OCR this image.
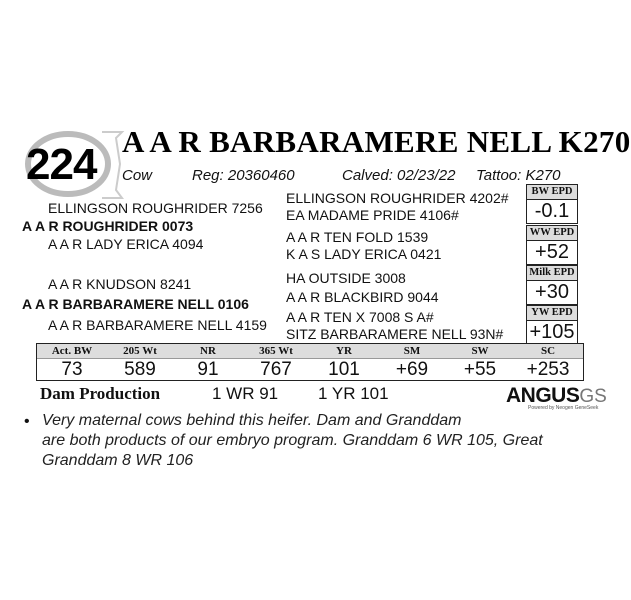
224 A A R BARBARAMERE NELL K270
Cow	Reg: 20360460	Calved: 02/23/22 Tattoo: K270
ELLINGSON ROUGHRIDER 7256
A A R ROUGHRIDER 0073
A A R LADY ERICA 4094
A A R KNUDSON 8241
A A R BARBARAMERE NELL 0106
A A R BARBARAMERE NELL 4159
ELLINGSON ROUGHRIDER 4202#
EA MADAME PRIDE 4106#
A A R TEN FOLD 1539
K A S LADY ERICA 0421
HA OUTSIDE 3008
A A R BLACKBIRD 9044
A A R TEN X 7008 S A#
SITZ BARBARAMERE NELL 93N#
BW EPD
-0.1
WW EPD
+52
Milk EPD
+30
YW EPD
+105
Act. BW	205 Wt	NR	365 Wt	YR	SM	SW	SC
73	589	91	767	101	+69	+55	+253
Dam Production	1 WR 91 1 YR 101	ANGUSGS
Powered by Neogen GeneSeek
• Very maternal cows behind this heifer. Dam and Granddam
are both products of our embryo program. Granddam 6 WR 105, Great
Granddam 8 WR 106
